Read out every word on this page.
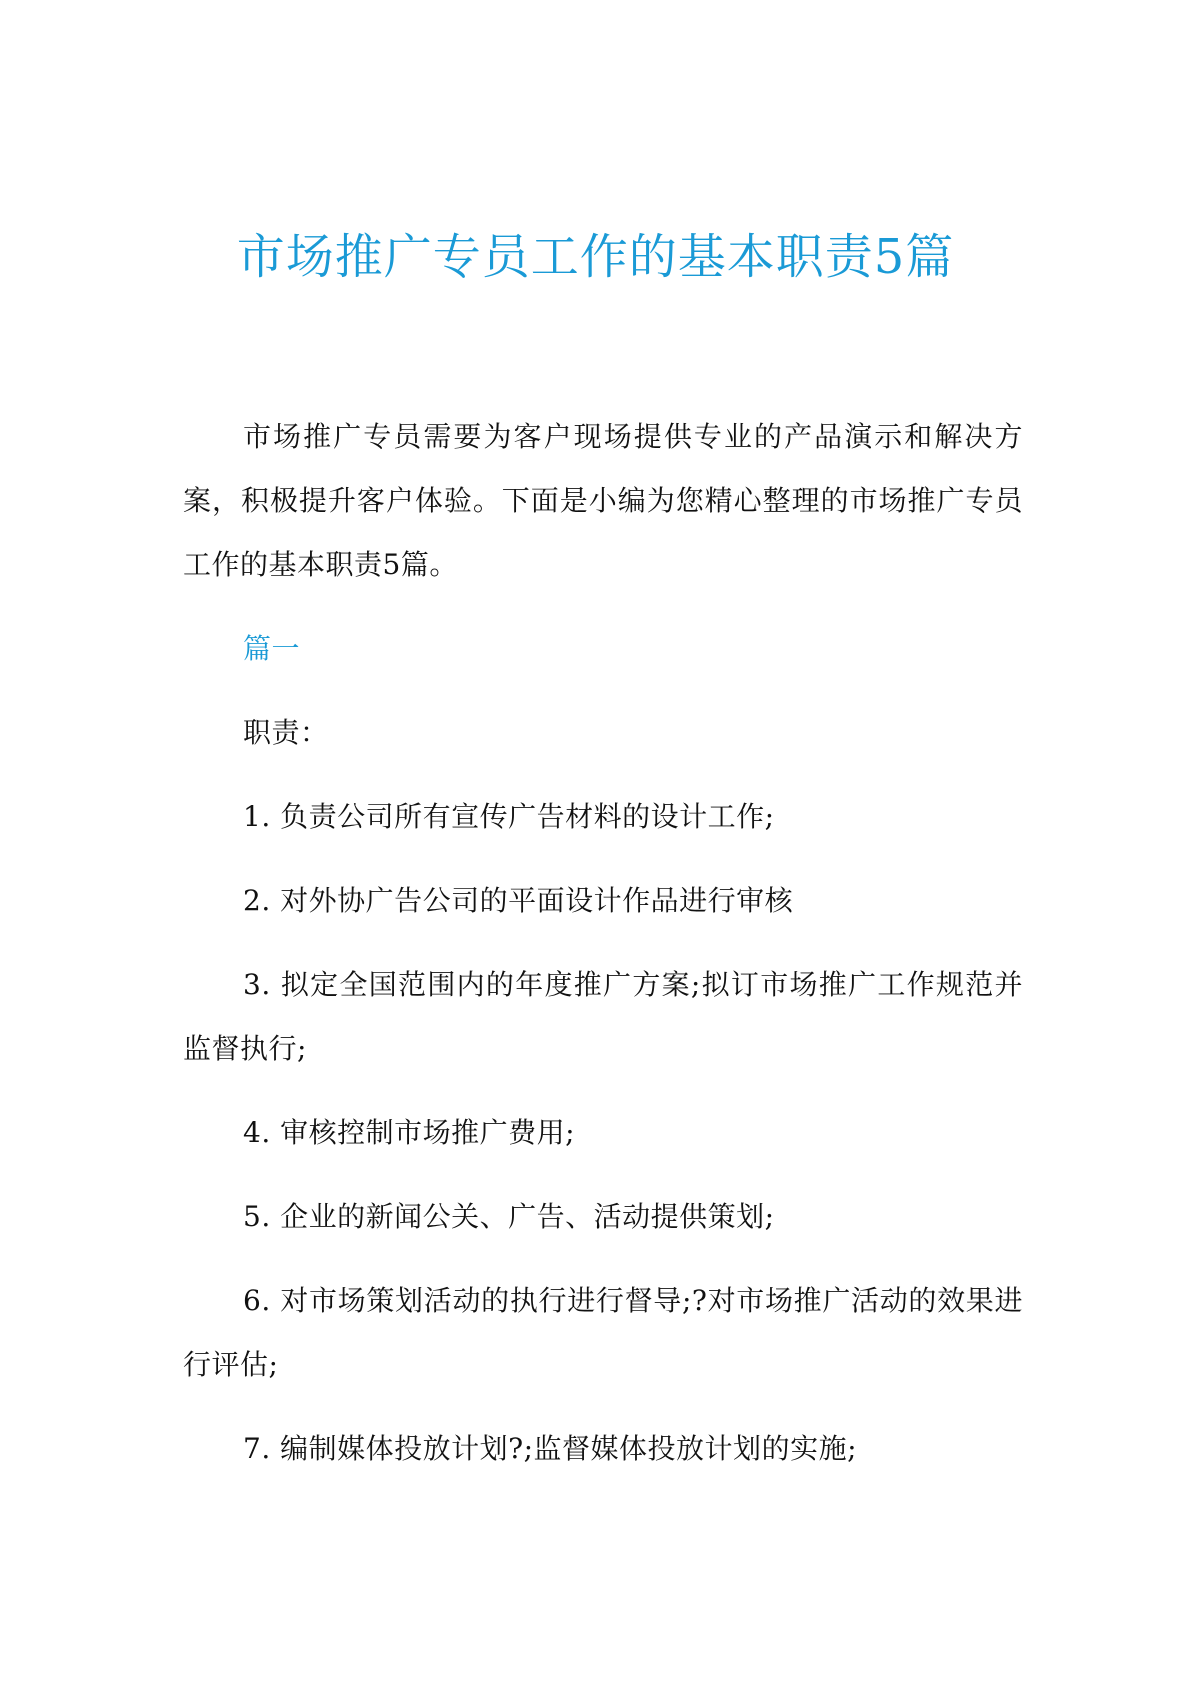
市场推广专员工作的基本职责5篇

市场推广专员需要为客户现场提供专业的产品演示和解决方案，积极提升客户体验。下面是小编为您精心整理的市场推广专员工作的基本职责5篇。

篇一

职责：

1. 负责公司所有宣传广告材料的设计工作;

2. 对外协广告公司的平面设计作品进行审核

3. 拟定全国范围内的年度推广方案;拟订市场推广工作规范并监督执行;

4. 审核控制市场推广费用;

5. 企业的新闻公关、广告、活动提供策划;

6. 对市场策划活动的执行进行督导;?对市场推广活动的效果进行评估;

7. 编制媒体投放计划?;监督媒体投放计划的实施;
